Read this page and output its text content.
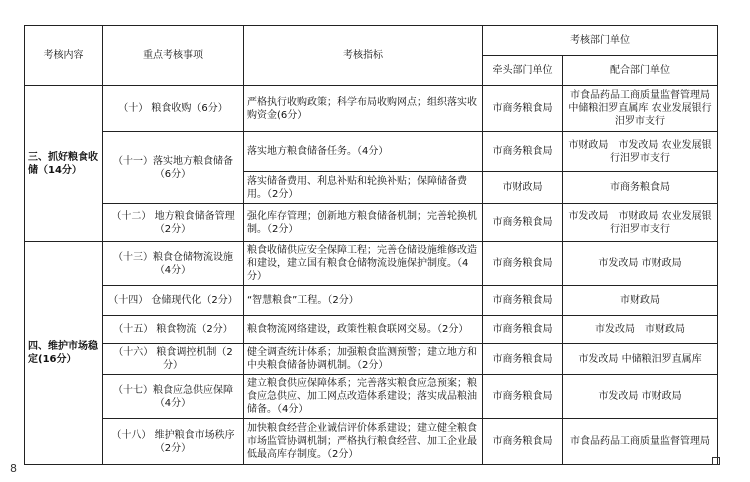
考核内容	重点考核事项	考核指标	考核部门单位	
			牵头部门单位	配合部门单位
三、抓好粮食收储（14分）	（十） 粮食收购（6分）	严格执行收购政策；科学布局收购网点；组织落实收购资金(6分）	市商务粮食局	市食品药品工商质量监督管理局 中储粮汨罗直属库 农业发展银行汨罗市支行
	（十一）落实地方粮食储备（6分）	落实地方粮食储备任务。（4分）	市商务粮食局	市财政局　市发改局 农业发展银行汨罗市支行
		落实储备费用、利息补贴和轮换补贴；保障储备费用。（2分）	市财政局	市商务粮食局
	（十二） 地方粮食储备管理（2分）	强化库存管理；创新地方粮食储备机制；完善轮换机制。（2分）	市商务粮食局	市发改局　市财政局 农业发展银行汨罗市支行
四、维护市场稳定(16分）	（十三）粮食仓储物流设施（4分）	粮食收储供应安全保障工程；完善仓储设施维修改造和建设，建立国有粮食仓储物流设施保护制度。（4分）	市商务粮食局	市发改局 市财政局
	（十四） 仓储现代化（2分）	“智慧粮食”工程。（2分）	市商务粮食局	市财政局
	（十五） 粮食物流（2分）	粮食物流网络建设，政策性粮食联网交易。（2分）	市商务粮食局	市发改局　市财政局
	（十六） 粮食调控机制（2分）	健全调查统计体系；加强粮食监测预警；建立地方和中央粮食储备协调机制。（2分）	市商务粮食局	市发改局 中储粮汨罗直属库
	（十七）粮食应急供应保障（4分）	建立粮食供应保障体系；完善落实粮食应急预案；粮食应急供应、加工网点改造体系建设；落实成品粮油储备。（4分）	市商务粮食局	市发改局 市财政局
	（十八） 维护粮食市场秩序（2分）	加快粮食经营企业诚信评价体系建设；建立健全粮食市场监管协调机制；严格执行粮食经营、加工企业最低最高库存制度。（2分）	市商务粮食局	市食品药品工商质量监督管理局
8
